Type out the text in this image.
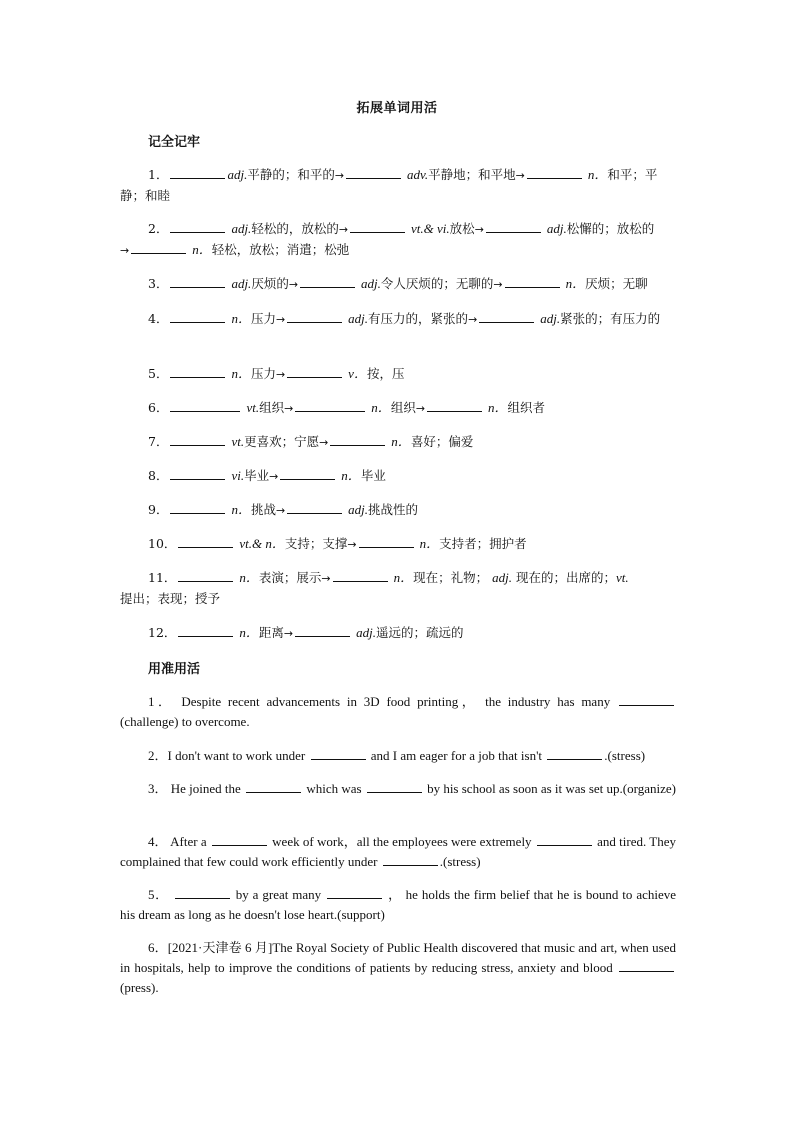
拓展单词用活
记全记牢
1．	adj.平静的；和平的→	adv.平静地；和平地→	n．和平；平静；和睦
2．	adj.轻松的，放松的→	vt.& vi.放松→	adj.松懈的；放松的
→	n．轻松，放松；消遣；松弛
3．	adj.厌烦的→	adj.令人厌烦的；无聊的→	n．厌烦；无聊
4．	n．压力→	adj.有压力的，紧张的→	adj.紧张的；有压力的
5．	n．压力→	v．按，压
6．	vt.组织→	n．组织→	n．组织者
7．	vt.更喜欢；宁愿→	n．喜好；偏爱
8．	vi.毕业→	n．毕业
9．	n．挑战→	adj.挑战性的
10．	vt.& n．支持；支撑→	n．支持者；拥护者
11．	n．表演；展示→	n．现在；礼物； adj. 现在的；出席的；vt.
提出；表现；授予
12．	n．距离→	adj.遥远的；疏远的
用准用活
1． Despite recent advancements in 3D food printing， the industry has many  (challenge) to overcome.
2．I don't want to work under	and I am eager for a job that isn't	.(stress)
3． He joined the	which was	by his school as soon as it was set up.(organize)
4． After a	week of work，all the employees were extremely	and tired. They complained that few could work efficiently under	.(stress)
5．	by a great many	， he holds the firm belief that he is bound to achieve his dream as long as he doesn't lose heart.(support)
6．[2021·天津卷 6 月]The Royal Society of Public Health discovered that music and art, when used in hospitals, help to improve the conditions of patients by reducing stress, anxiety and blood (press).
